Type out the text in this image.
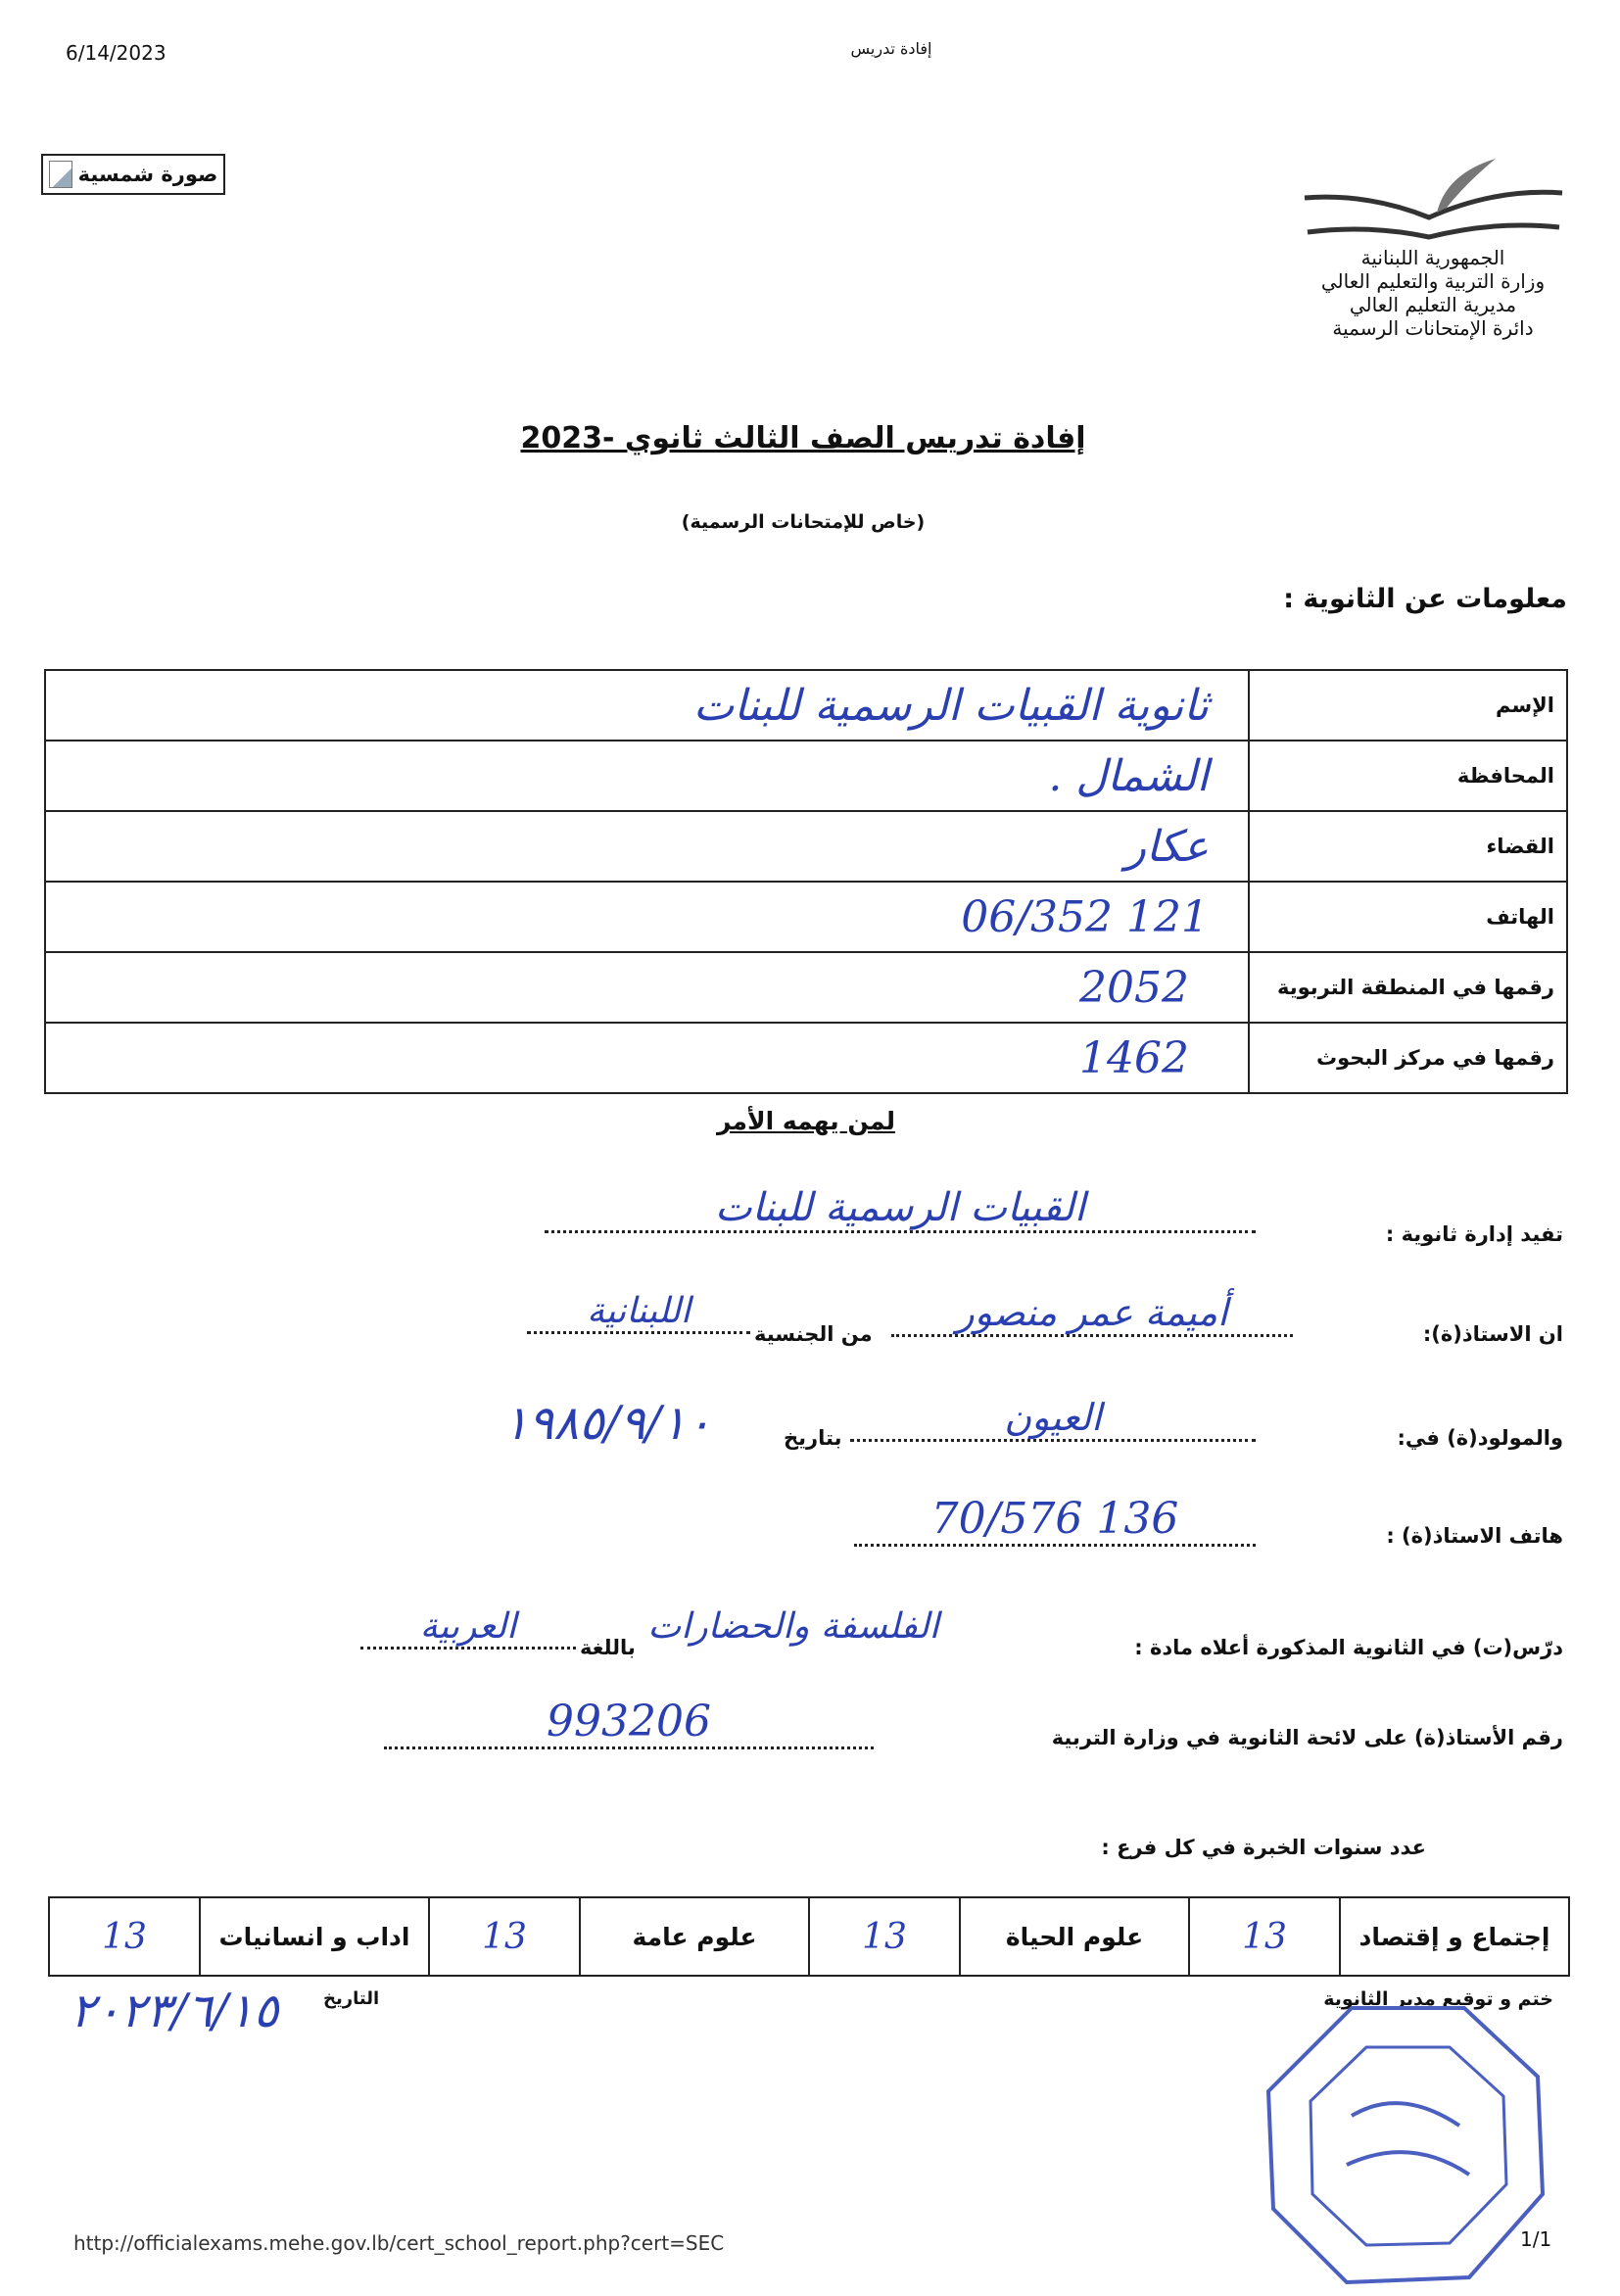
6/14/2023	إفادة تدريس
صورة شمسية
الجمهورية اللبنانية
وزارة التربية والتعليم العالي
مديرية التعليم العالي
دائرة الإمتحانات الرسمية
إفادة تدريس الصف الثالث ثانوي -2023
(خاص للإمتحانات الرسمية)
معلومات عن الثانوية :
الإسم	ثانوية القبيات الرسمية للبنات
المحافظة	الشمال .
القضاء	عكار
الهاتف	06/352 121
رقمها في المنطقة التربوية	2052
رقمها في مركز البحوث	1462
لمن يهمه الأمر
تفيد إدارة ثانوية :
القبيات الرسمية للبنات
ان الاستاذ(ة):
أميمة عمر منصور
من الجنسية
اللبنانية
والمولود(ة) في:
العيون
بتاريخ
١٩٨٥/٩/١٠
هاتف الاستاذ(ة) :
70/576 136
درّس(ت) في الثانوية المذكورة أعلاه مادة :
الفلسفة والحضارات
باللغة
العربية
رقم الأستاذ(ة) على لائحة الثانوية في وزارة التربية
993206
عدد سنوات الخبرة في كل فرع :
إجتماع و إقتصاد	13	علوم الحياة	13	علوم عامة	13	اداب و انسانيات	13
ختم و توقيع مدير الثانوية
التاريخ
٢٠٢٣/٦/١٥
http://officialexams.mehe.gov.lb/cert_school_report.php?cert=SEC	1/1
